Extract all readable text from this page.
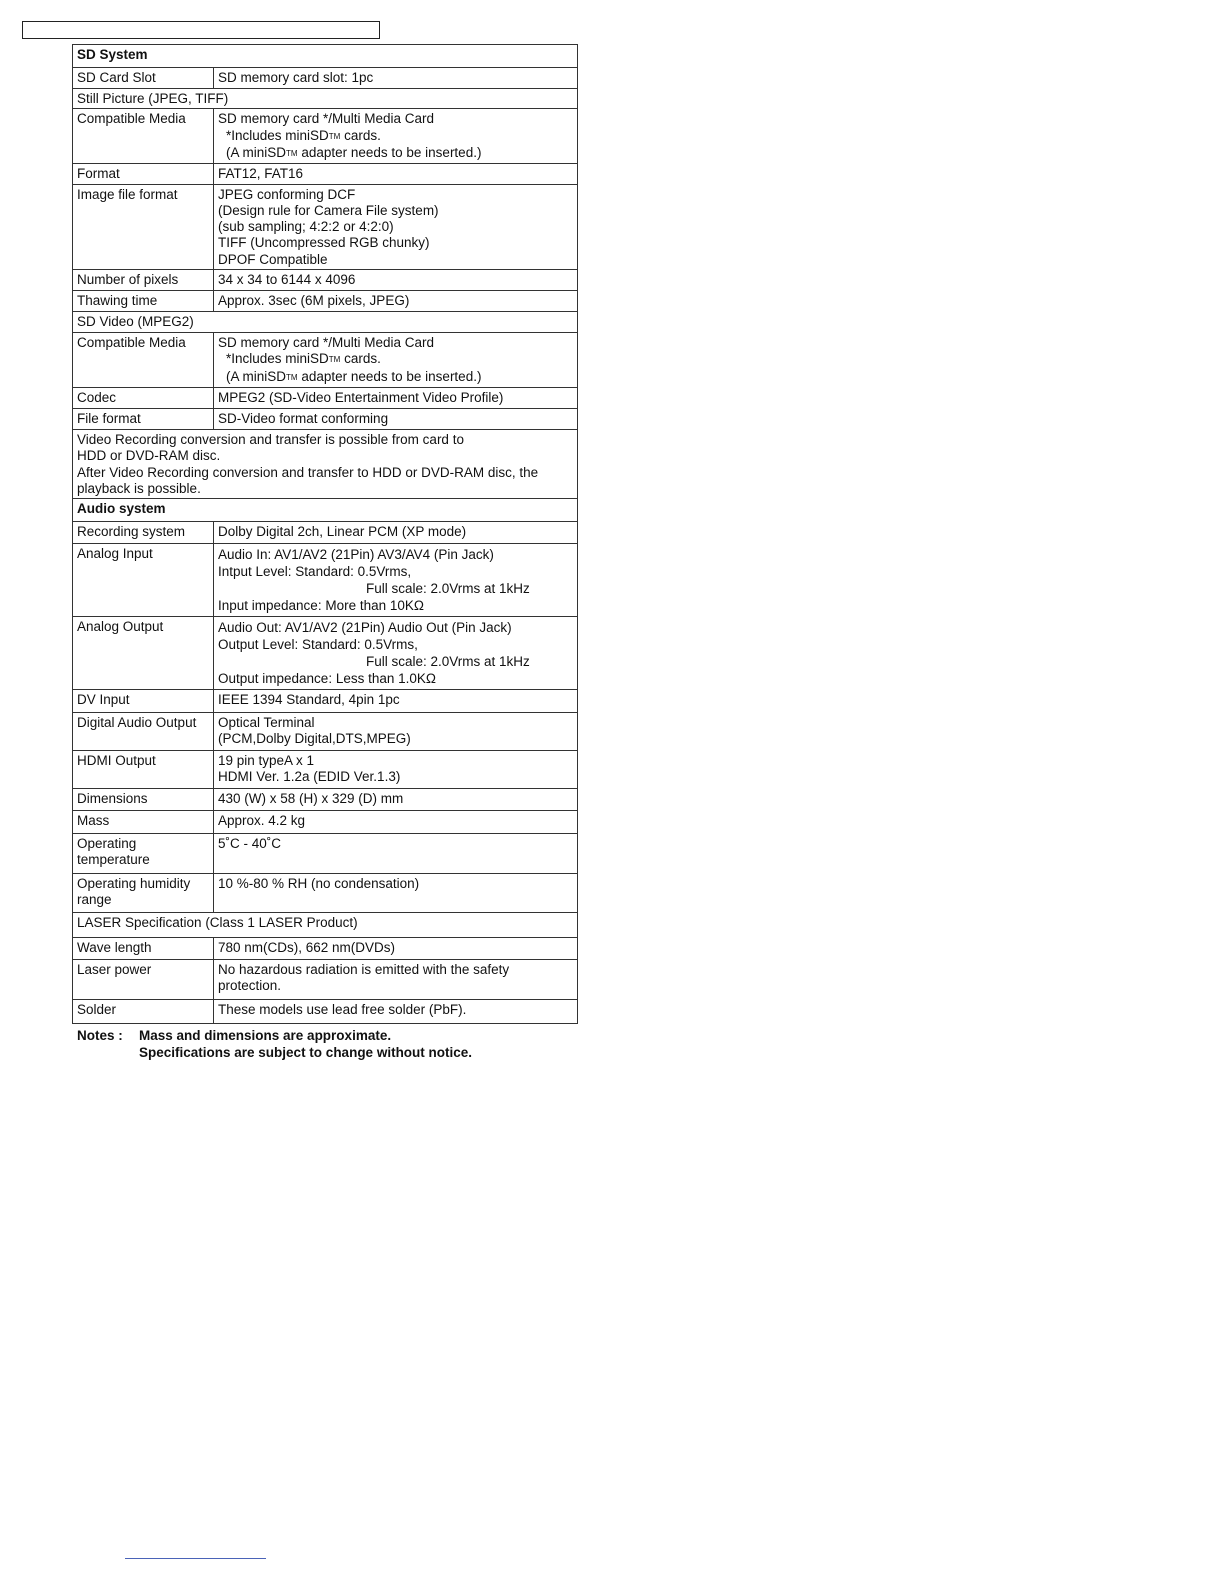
SD System	
SD Card Slot	SD memory card slot: 1pc
Still Picture (JPEG, TIFF)	
Compatible Media	SD memory card */Multi Media Card
*Includes miniSDTM cards.
(A miniSDTM adapter needs to be inserted.)

Format	FAT12, FAT16
Image file format	JPEG conforming DCF
(Design rule for Camera File system)
(sub sampling; 4:2:2 or 4:2:0)
TIFF (Uncompressed RGB chunky)
DPOF Compatible

Number of pixels	34 x 34 to 6144 x 4096
Thawing time	Approx. 3sec (6M pixels, JPEG)
SD Video (MPEG2)	
Compatible Media	SD memory card */Multi Media Card
*Includes miniSDTM cards.
(A miniSDTM adapter needs to be inserted.)

Codec	MPEG2 (SD-Video Entertainment Video Profile)
File format	SD-Video format conforming

Video Recording conversion and transfer is possible from card to
HDD or DVD-RAM disc.
After Video Recording conversion and transfer to HDD or DVD-RAM disc, the
playback is possible.	

Audio system	
Recording system	Dolby Digital 2ch, Linear PCM (XP mode)
Analog Input	Audio In: AV1/AV2 (21Pin) AV3/AV4 (Pin Jack)
Intput Level: Standard: 0.5Vrms,
Full scale: 2.0Vrms at 1kHz
Input impedance: More than 10KΩ

Analog Output	Audio Out: AV1/AV2 (21Pin) Audio Out (Pin Jack)
Output Level: Standard: 0.5Vrms,
Full scale: 2.0Vrms at 1kHz
Output impedance: Less than 1.0KΩ

DV Input	IEEE 1394 Standard, 4pin 1pc
Digital Audio Output	Optical Terminal
(PCM,Dolby Digital,DTS,MPEG)

HDMI Output	19 pin typeA x 1
HDMI Ver. 1.2a (EDID Ver.1.3)

Dimensions	430 (W) x 58 (H) x 329 (D) mm
Mass	Approx. 4.2 kg

Operating
temperature	5˚C - 40˚C

Operating humidity
range	10 %-80 % RH (no condensation)
LASER Specification (Class 1 LASER Product)	
Wave length	780 nm(CDs), 662 nm(DVDs)
Laser power	No hazardous radiation is emitted with the safety
protection.

Solder	These models use lead free solder (PbF).
Notes : Mass and dimensions are approximate.
Specifications are subject to change without notice.
